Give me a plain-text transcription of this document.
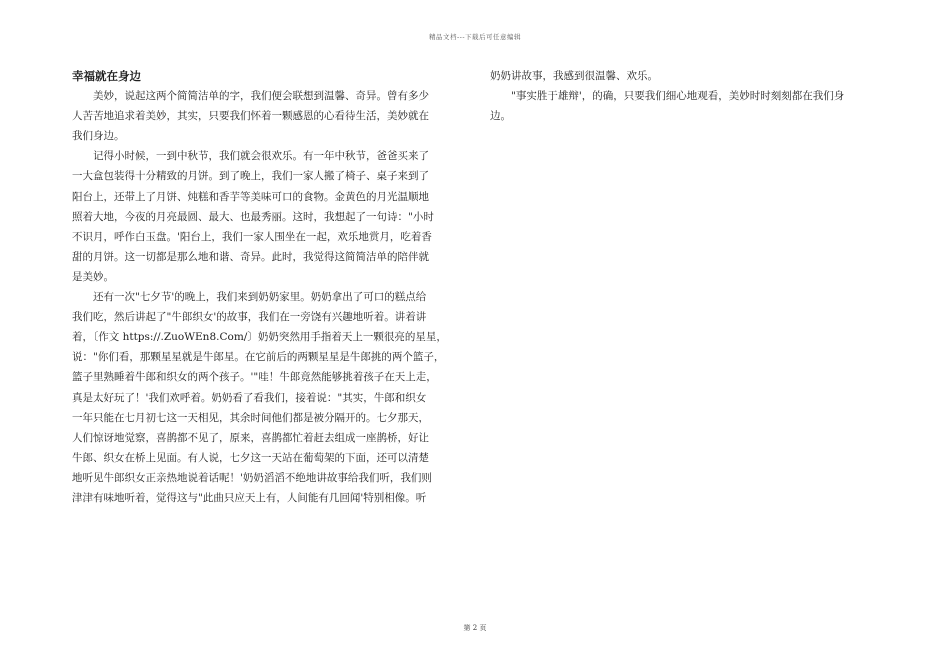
精品文档---下载后可任意编辑
幸福就在身边
美妙，说起这两个简简洁单的字，我们便会联想到温馨、奇异。曾有多少
人苦苦地追求着美妙，其实，只要我们怀着一颗感恩的心看待生活，美妙就在
我们身边。
记得小时候，一到中秋节，我们就会很欢乐。有一年中秋节，爸爸买来了
一大盒包装得十分精致的月饼。到了晚上，我们一家人搬了椅子、桌子来到了
阳台上，还带上了月饼、炖糕和香芋等美味可口的食物。金黄色的月光温顺地
照着大地，今夜的月亮最圆、最大、也最秀丽。这时，我想起了一句诗："小时
不识月，呼作白玉盘。'阳台上，我们一家人围坐在一起，欢乐地赏月，吃着香
甜的月饼。这一切都是那么地和谐、奇异。此时，我觉得这简简洁单的陪伴就
是美妙。
还有一次"七夕节'的晚上，我们来到奶奶家里。奶奶拿出了可口的糕点给
我们吃，然后讲起了"牛郎织女'的故事，我们在一旁饶有兴趣地听着。讲着讲
着，〔作文 https://.ZuoWEn8.Com/〕奶奶突然用手指着天上一颗很亮的星星，
说："你们看，那颗星星就是牛郎星。在它前后的两颗星星是牛郎挑的两个篮子，
篮子里熟睡着牛郎和织女的两个孩子。'"哇！牛郎竟然能够挑着孩子在天上走，
真是太好玩了！'我们欢呼着。奶奶看了看我们，接着说："其实，牛郎和织女
一年只能在七月初七这一天相见，其余时间他们都是被分隔开的。七夕那天，
人们惊讶地觉察，喜鹊都不见了，原来，喜鹊都忙着赶去组成一座鹊桥，好让
牛郎、织女在桥上见面。有人说，七夕这一天站在葡萄架的下面，还可以清楚
地听见牛郎织女正亲热地说着话呢！'奶奶滔滔不绝地讲故事给我们听，我们则
津津有味地听着，觉得这与"此曲只应天上有，人间能有几回闻'特别相像。听
奶奶讲故事，我感到很温馨、欢乐。
"事实胜于雄辩'，的确，只要我们细心地观看，美妙时时刻刻都在我们身
边。
第 2 页
